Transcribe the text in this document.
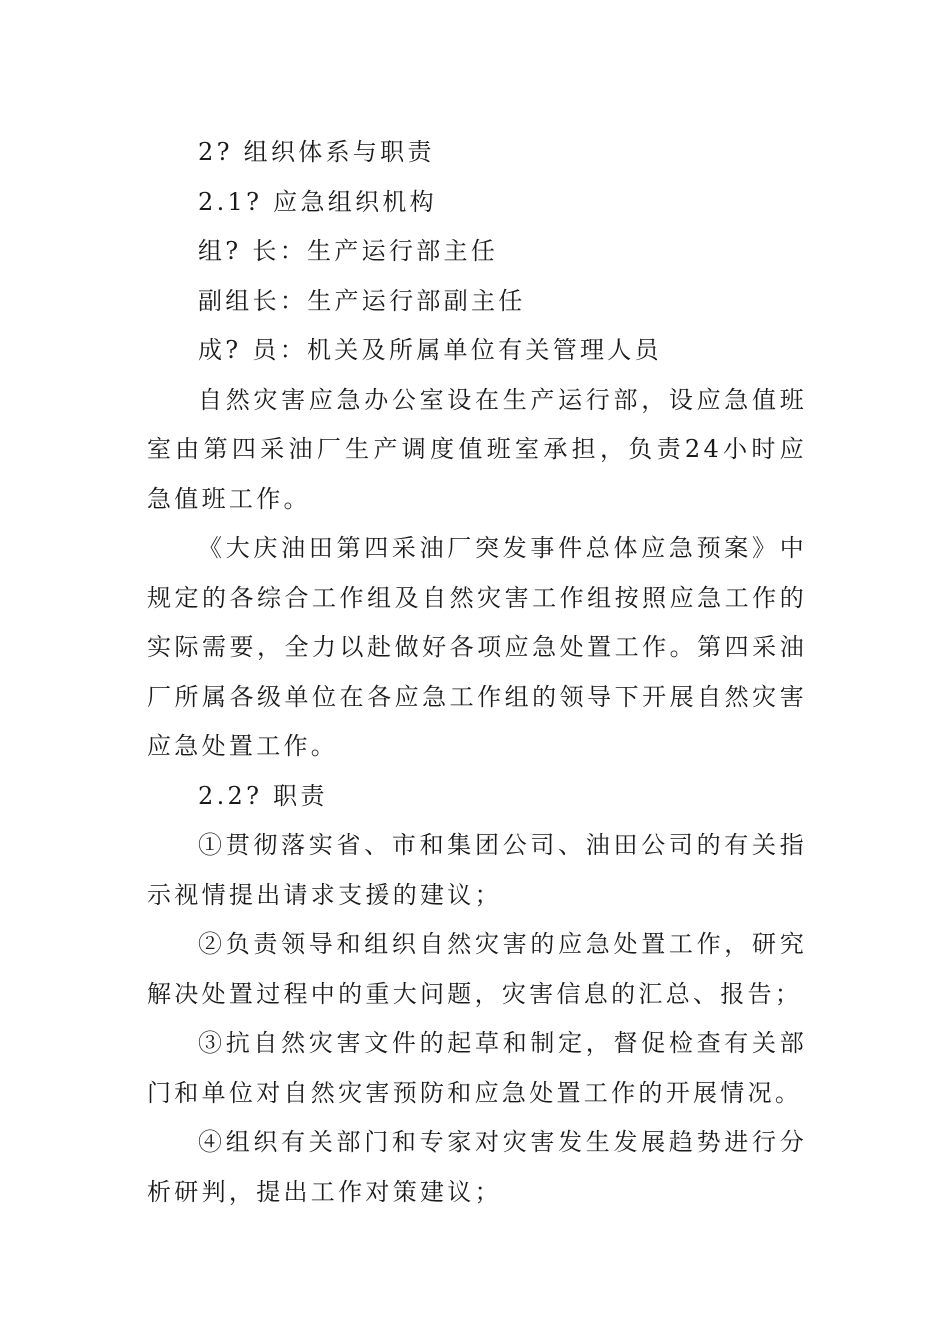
2? 组织体系与职责

2.1? 应急组织机构

组? 长：生产运行部主任

副组长：生产运行部副主任

成? 员：机关及所属单位有关管理人员

自然灾害应急办公室设在生产运行部，设应急值班室由第四采油厂生产调度值班室承担，负责24小时应急值班工作。

《大庆油田第四采油厂突发事件总体应急预案》中规定的各综合工作组及自然灾害工作组按照应急工作的实际需要，全力以赴做好各项应急处置工作。第四采油厂所属各级单位在各应急工作组的领导下开展自然灾害应急处置工作。

2.2? 职责

①贯彻落实省、市和集团公司、油田公司的有关指示视情提出请求支援的建议；

②负责领导和组织自然灾害的应急处置工作，研究解决处置过程中的重大问题，灾害信息的汇总、报告；

③抗自然灾害文件的起草和制定，督促检查有关部门和单位对自然灾害预防和应急处置工作的开展情况。

④组织有关部门和专家对灾害发生发展趋势进行分析研判，提出工作对策建议；
